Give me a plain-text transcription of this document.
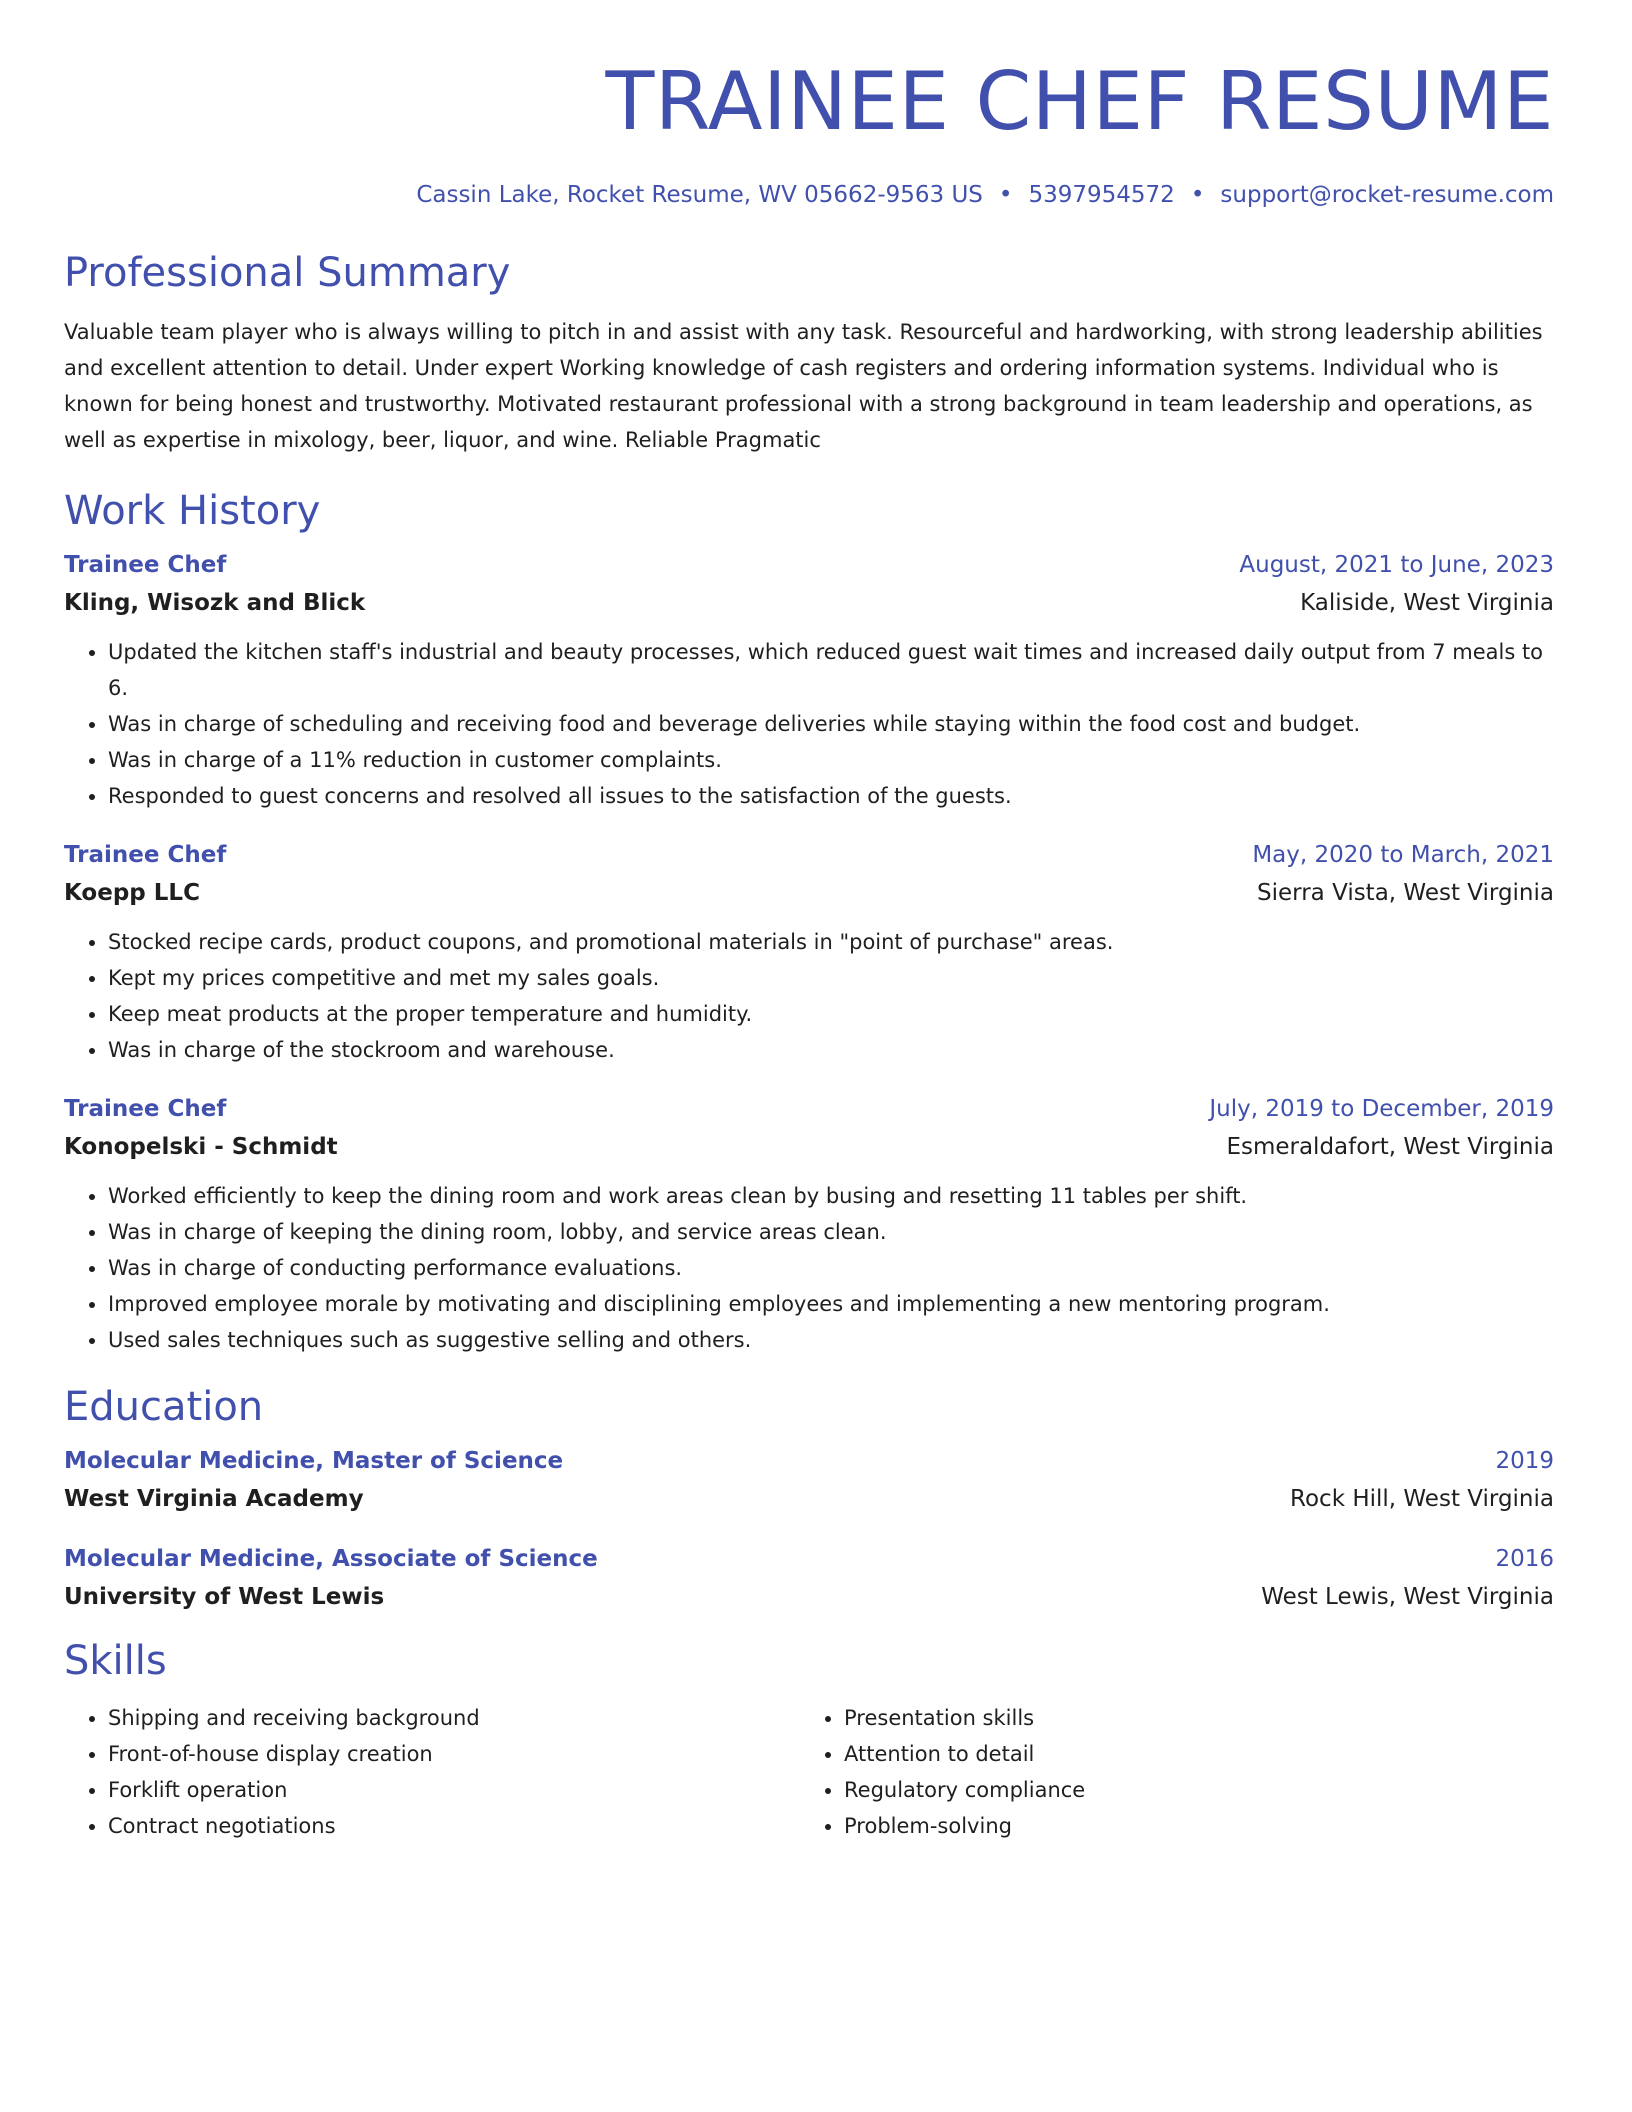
TRAINEE CHEF RESUME
Cassin Lake, Rocket Resume, WV 05662-9563 US • 5397954572 • support@rocket-resume.com
Professional Summary

Valuable team player who is always willing to pitch in and assist with any task. Resourceful and hardworking, with strong leadership abilities and excellent attention to detail. Under expert Working knowledge of cash registers and ordering information systems. Individual who is known for being honest and trustworthy. Motivated restaurant professional with a strong background in team leadership and operations, as well as expertise in mixology, beer, liquor, and wine. Reliable Pragmatic

Work History
Trainee Chef	August, 2021 to June, 2023
Kling, Wisozk and Blick	Kaliside, West Virginia
• Updated the kitchen staff's industrial and beauty processes, which reduced guest wait times and increased daily output from 7 meals to 6.
• Was in charge of scheduling and receiving food and beverage deliveries while staying within the food cost and budget.
• Was in charge of a 11% reduction in customer complaints.
• Responded to guest concerns and resolved all issues to the satisfaction of the guests.
Trainee Chef	May, 2020 to March, 2021
Koepp LLC	Sierra Vista, West Virginia
• Stocked recipe cards, product coupons, and promotional materials in "point of purchase" areas.
• Kept my prices competitive and met my sales goals.
• Keep meat products at the proper temperature and humidity.
• Was in charge of the stockroom and warehouse.
Trainee Chef	July, 2019 to December, 2019
Konopelski - Schmidt	Esmeraldafort, West Virginia
• Worked efficiently to keep the dining room and work areas clean by busing and resetting 11 tables per shift.
• Was in charge of keeping the dining room, lobby, and service areas clean.
• Was in charge of conducting performance evaluations.
• Improved employee morale by motivating and disciplining employees and implementing a new mentoring program.
• Used sales techniques such as suggestive selling and others.
Education
Molecular Medicine, Master of Science	2019
West Virginia Academy	Rock Hill, West Virginia
Molecular Medicine, Associate of Science	2016
University of West Lewis	West Lewis, West Virginia
Skills
• Shipping and receiving background
• Front-of-house display creation
• Forklift operation
• Contract negotiations
• Presentation skills
• Attention to detail
• Regulatory compliance
• Problem-solving
